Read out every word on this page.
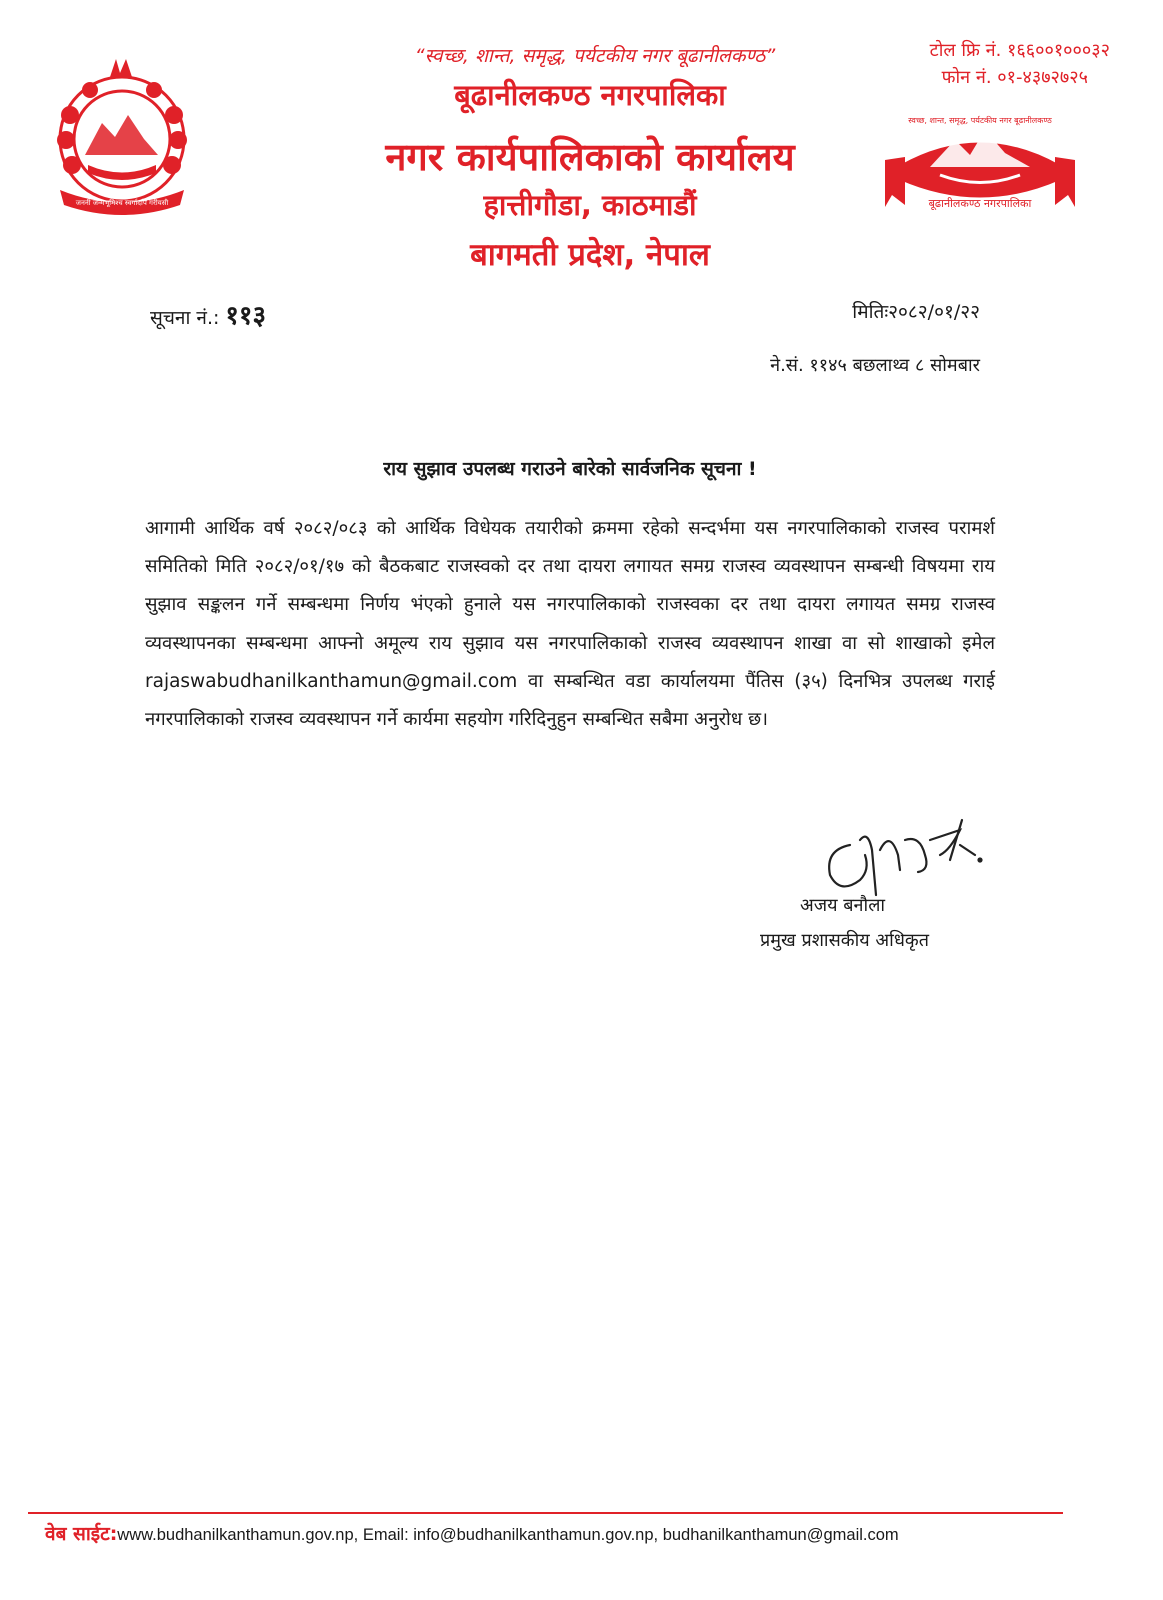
जननी जन्मभूमिश्च स्वर्गादपि गरीयसी
स्वच्छ, शान्त, समृद्ध, पर्यटकीय नगर बूढानीलकण्ठ
बूढानीलकण्ठ नगरपालिका
“स्वच्छ, शान्त, समृद्ध, पर्यटकीय नगर बूढानीलकण्ठ”
बूढानीलकण्ठ नगरपालिका
नगर कार्यपालिकाको कार्यालय
हात्तीगौडा, काठमाडौं
बागमती प्रदेश, नेपाल
टोल फ्रि नं. १६६००१०००३२
फोन नं. ०१-४३७२७२५
सूचना नं.: ११३	मितिः२०८२/०१/२२
ने.सं. ११४५ बछलाथ्व ८ सोमबार
राय सुझाव उपलब्ध गराउने बारेको सार्वजनिक सूचना !
आगामी आर्थिक वर्ष २०८२/०८३ को आर्थिक विधेयक तयारीको क्रममा रहेको सन्दर्भमा यस नगरपालिकाको राजस्व परामर्श समितिको मिति २०८२/०१/१७ को बैठकबाट राजस्वको दर तथा दायरा लगायत समग्र राजस्व व्यवस्थापन सम्बन्धी विषयमा राय सुझाव सङ्कलन गर्ने सम्बन्धमा निर्णय भंएको हुनाले यस नगरपालिकाको राजस्वका दर तथा दायरा लगायत समग्र राजस्व व्यवस्थापनका सम्बन्धमा आफ्नो अमूल्य राय सुझाव यस नगरपालिकाको राजस्व व्यवस्थापन शाखा वा सो शाखाको इमेल rajaswabudhanilkanthamun@gmail.com वा सम्बन्धित वडा कार्यालयमा पैंतिस (३५) दिनभित्र उपलब्ध गराई नगरपालिकाको राजस्व व्यवस्थापन गर्ने कार्यमा सहयोग गरिदिनुहुन सम्बन्धित सबैमा अनुरोध छ।
अजय बनौला
प्रमुख प्रशासकीय अधिकृत
वेब साईट:www.budhanilkanthamun.gov.np, Email: info@budhanilkanthamun.gov.np, budhanilkanthamun@gmail.com
